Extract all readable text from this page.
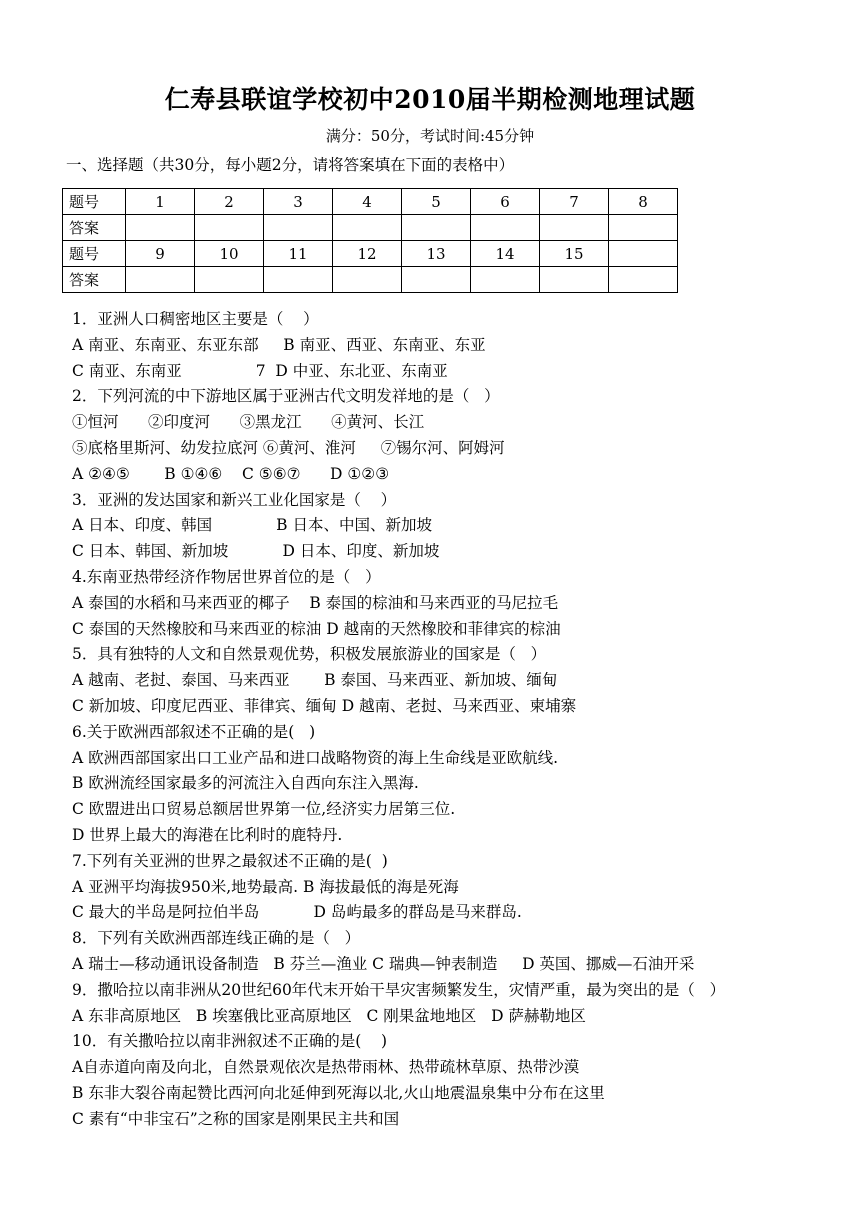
仁寿县联谊学校初中2010届半期检测地理试题
满分：50分，考试时间:45分钟
一、选择题（共30分，每小题2分，请将答案填在下面的表格中）
题号	1	2	3	4	5	6	7	8
答案								
题号	9	10	11	12	13	14	15	
答案								
1．亚洲人口稠密地区主要是（    ）
A 南亚、东南亚、东亚东部     B 南亚、西亚、东南亚、东亚
C 南亚、东南亚               7  D 中亚、东北亚、东南亚
2．下列河流的中下游地区属于亚洲古代文明发祥地的是（   ）
①恒河      ②印度河      ③黑龙江      ④黄河、长江
⑤底格里斯河、幼发拉底河 ⑥黄河、淮河     ⑦锡尔河、阿姆河
A ②④⑤       B ①④⑥    C ⑤⑥⑦      D ①②③
3．亚洲的发达国家和新兴工业化国家是（    ）
A 日本、印度、韩国             B 日本、中国、新加坡
C 日本、韩国、新加坡           D 日本、印度、新加坡
4.东南亚热带经济作物居世界首位的是（   ）
A 泰国的水稻和马来西亚的椰子    B 泰国的棕油和马来西亚的马尼拉毛
C 泰国的天然橡胶和马来西亚的棕油 D 越南的天然橡胶和菲律宾的棕油
5．具有独特的人文和自然景观优势，积极发展旅游业的国家是（   ）
A 越南、老挝、泰国、马来西亚       B 泰国、马来西亚、新加坡、缅甸
C 新加坡、印度尼西亚、菲律宾、缅甸 D 越南、老挝、马来西亚、柬埔寨
6.关于欧洲西部叙述不正确的是(   )
A 欧洲西部国家出口工业产品和进口战略物资的海上生命线是亚欧航线.
B 欧洲流经国家最多的河流注入自西向东注入黑海.
C 欧盟进出口贸易总额居世界第一位,经济实力居第三位.
D 世界上最大的海港在比利时的鹿特丹.
7.下列有关亚洲的世界之最叙述不正确的是(  )
A 亚洲平均海拔950米,地势最高. B 海拔最低的海是死海
C 最大的半岛是阿拉伯半岛           D 岛屿最多的群岛是马来群岛.
8．下列有关欧洲西部连线正确的是（   ）
A 瑞士—移动通讯设备制造   B 芬兰—渔业 C 瑞典—钟表制造     D 英国、挪威—石油开采
9．撒哈拉以南非洲从20世纪60年代末开始干旱灾害频繁发生，灾情严重，最为突出的是（   ）
A 东非高原地区   B 埃塞俄比亚高原地区   C 刚果盆地地区   D 萨赫勒地区
10．有关撒哈拉以南非洲叙述不正确的是(    )
A自赤道向南及向北，自然景观依次是热带雨林、热带疏林草原、热带沙漠
B 东非大裂谷南起赞比西河向北延伸到死海以北,火山地震温泉集中分布在这里
C 素有“中非宝石”之称的国家是刚果民主共和国
